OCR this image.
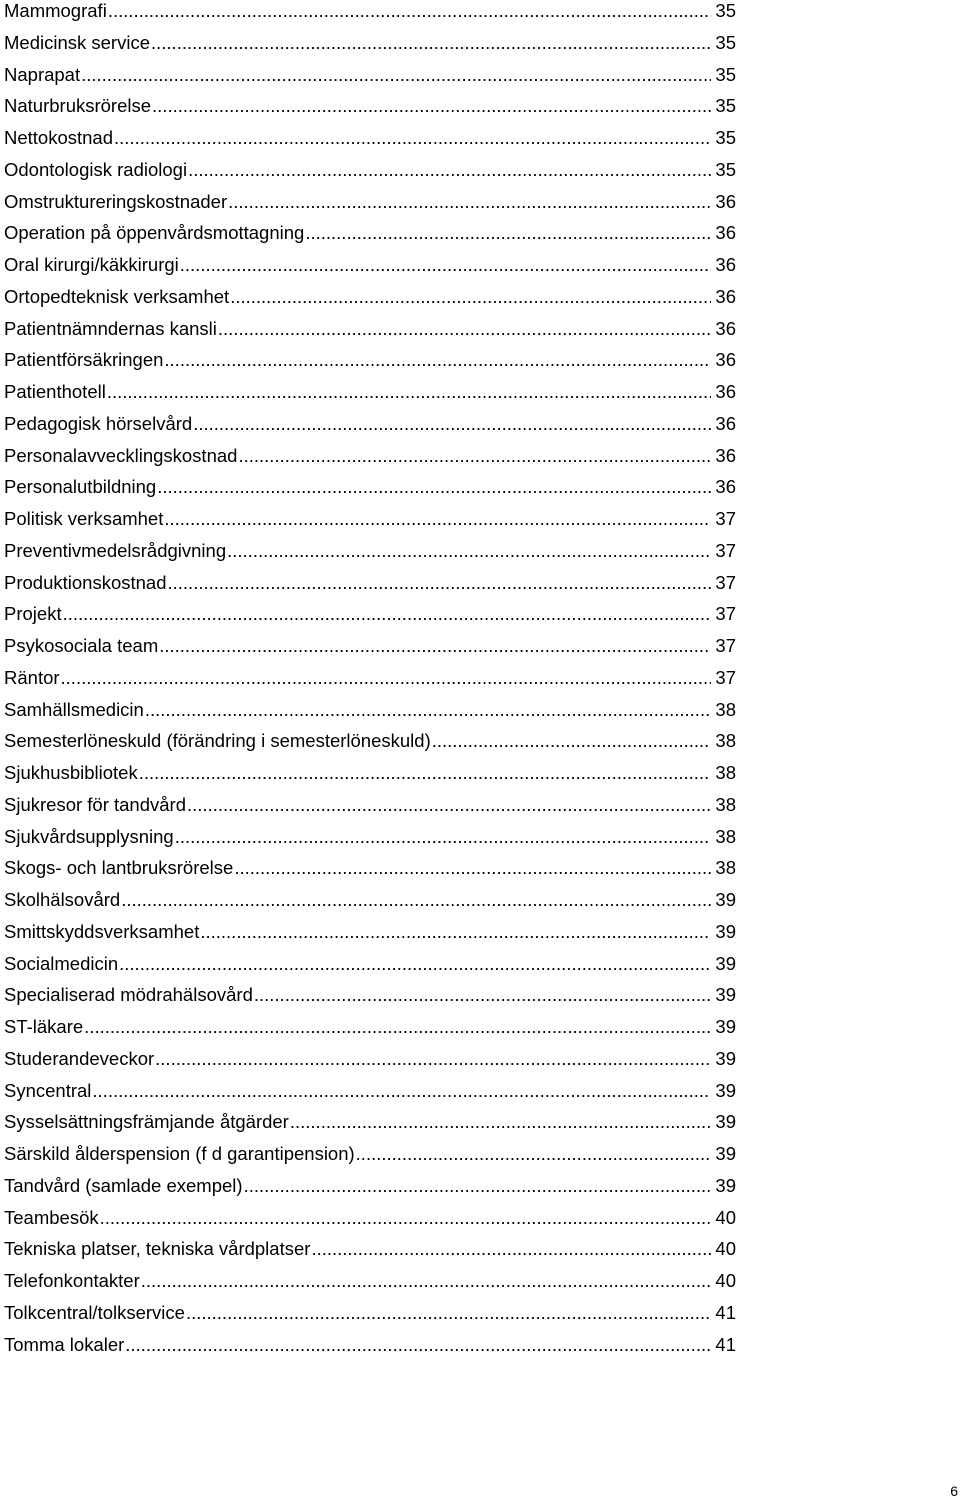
Mammografi .....	35
Medicinsk service .....	35
Naprapat .....	35
Naturbruksrörelse .....	35
Nettokostnad .....	35
Odontologisk radiologi .....	35
Omstruktureringskostnader .....	36
Operation på öppenvårdsmottagning .....	36
Oral kirurgi/käkkirurgi .....	36
Ortopedteknisk verksamhet .....	36
Patientnämndernas kansli .....	36
Patientförsäkringen .....	36
Patienthotell .....	36
Pedagogisk hörselvård .....	36
Personalavvecklingskostnad .....	36
Personalutbildning .....	36
Politisk verksamhet .....	37
Preventivmedelsrådgivning .....	37
Produktionskostnad .....	37
Projekt .....	37
Psykosociala team .....	37
Räntor .....	37
Samhällsmedicin .....	38
Semesterlöneskuld (förändring i semesterlöneskuld) .....	38
Sjukhusbibliotek .....	38
Sjukresor för tandvård .....	38
Sjukvårdsupplysning .....	38
Skogs- och lantbruksrörelse .....	38
Skolhälsovård .....	39
Smittskyddsverksamhet .....	39
Socialmedicin .....	39
Specialiserad mödrahälsovård .....	39
ST-läkare .....	39
Studerandeveckor .....	39
Syncentral .....	39
Sysselsättningsfrämjande åtgärder .....	39
Särskild ålderspension (f d garantipension) .....	39
Tandvård (samlade exempel) .....	39
Teambesök .....	40
Tekniska platser, tekniska vårdplatser .....	40
Telefonkontakter .....	40
Tolkcentral/tolkservice .....	41
Tomma lokaler .....	41
6
